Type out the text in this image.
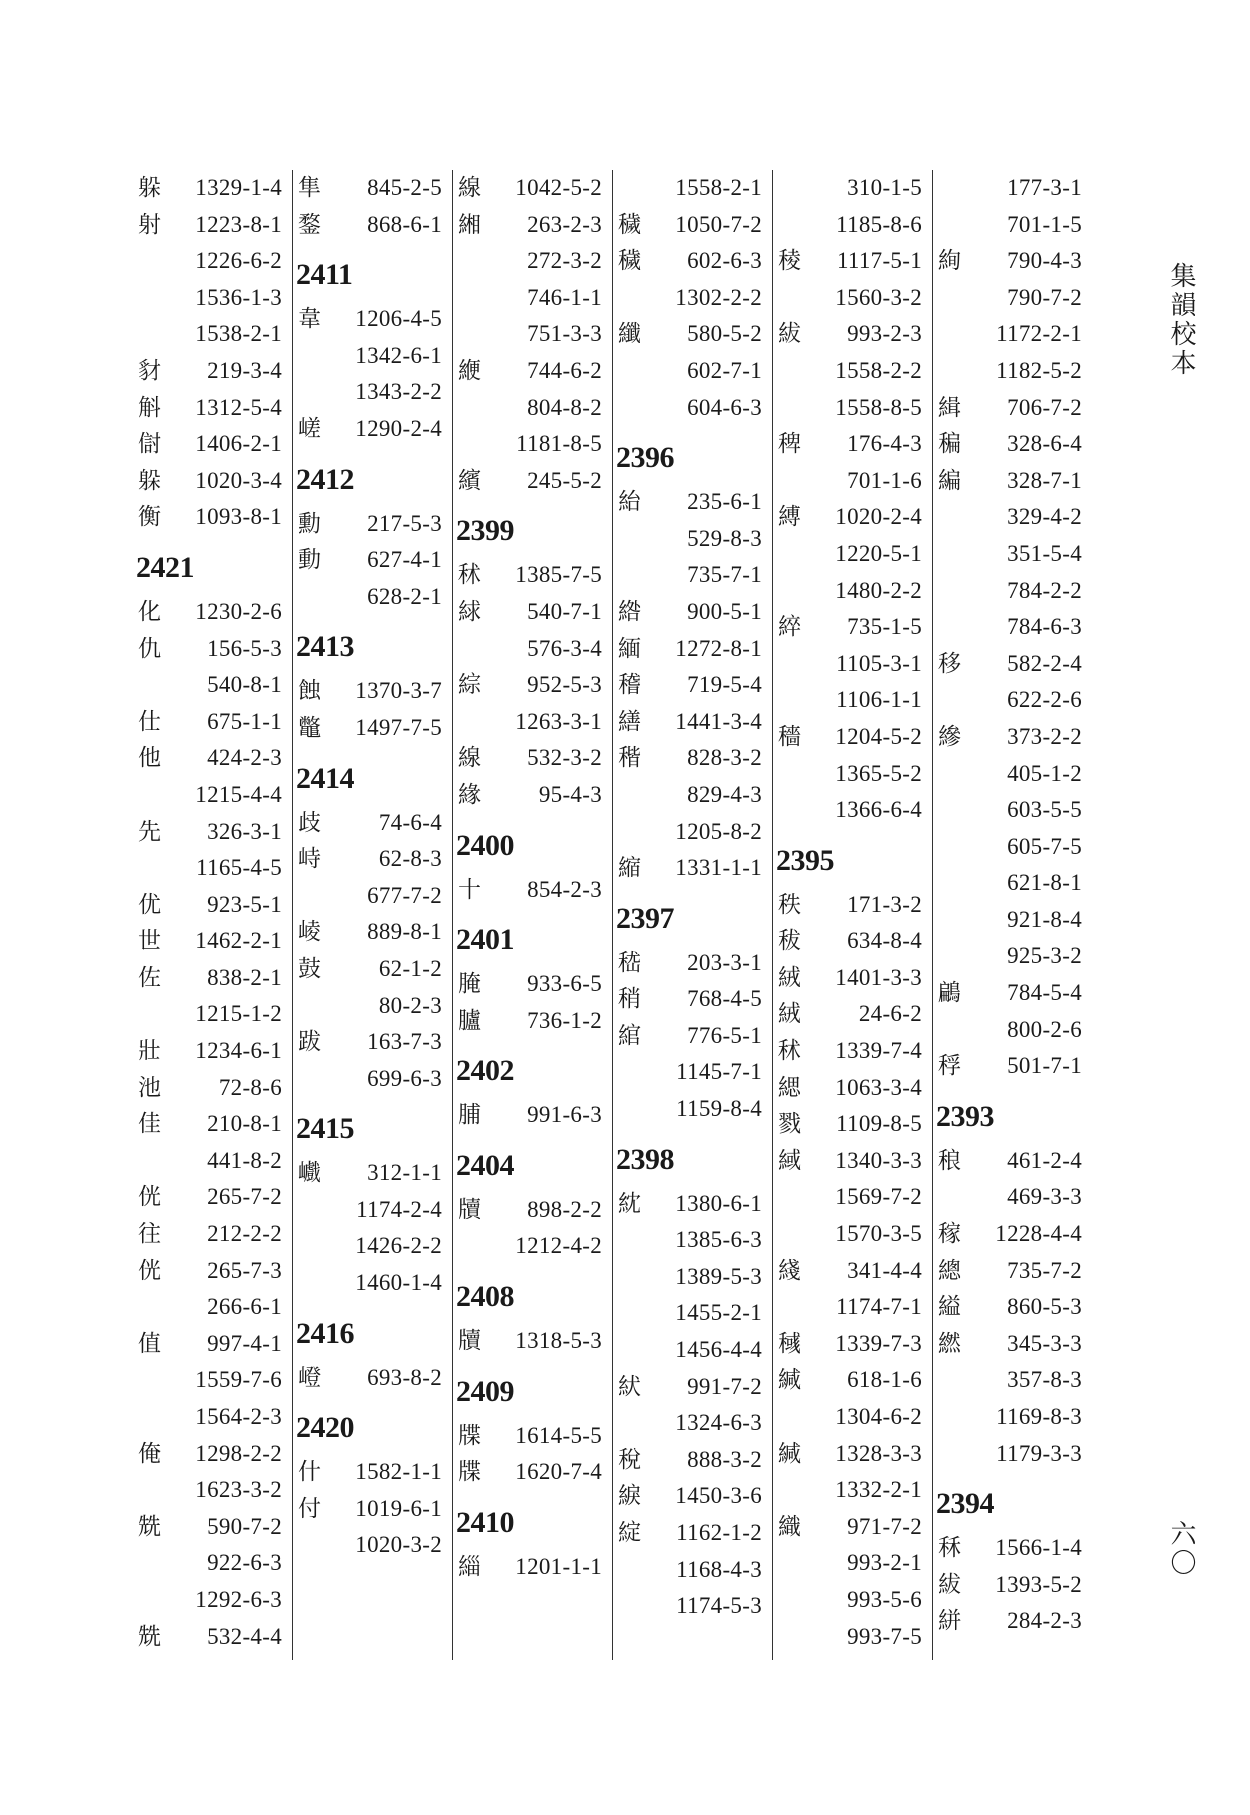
躲 1329-1-4
射 1223-8-1
1226-6-2
1536-1-3
1538-2-1
豺 219-3-4
斛 1312-5-4
傠 1406-2-1
躲 1020-3-4
衡 1093-8-1
2421
化 1230-2-6
仇 156-5-3
540-8-1
仕 675-1-1
他 424-2-3
1215-4-4
先 326-3-1
1165-4-5
优 923-5-1
世 1462-2-1
佐 838-2-1
1215-1-2
壯 1234-6-1
池	72-8-6
佳 210-8-1
441-8-2
侊 265-7-2
往 212-2-2
侊 265-7-3
266-6-1
值 997-4-1
1559-7-6
1564-2-3
俺 1298-2-2
1623-3-2
兟 590-7-2
922-6-3
1292-6-3
兟 532-4-4
隼 845-2-5
鍪 868-6-1
2411
韋 1206-4-5
1342-6-1
1343-2-2
嵯 1290-2-4
2412
勳 217-5-3
動 627-4-1
628-2-1
2413
蝕 1370-3-7
鼈 1497-7-5
2414
歧	74-6-4
峙	62-8-3
677-7-2
崚 889-8-1
鼓	62-1-2
80-2-3
跋 163-7-3
699-6-3
2415
巇 312-1-1
1174-2-4
1426-2-2
1460-1-4
2416
嶝 693-8-2
2420
什 1582-1-1
付 1019-6-1
1020-3-2
線 1042-5-2
緗 263-2-3
272-3-2
746-1-1
751-3-3
緶 744-6-2
804-8-2
1181-8-5
繽 245-5-2
2399
秫 1385-7-5
絿 540-7-1
576-3-4
綜 952-5-3
1263-3-1
線 532-3-2
緣	95-4-3
2400
十 854-2-3
2401
腌 933-6-5
臚 736-1-2
2402
脯 991-6-3
2404
牘 898-2-2
1212-4-2
2408
牘 1318-5-3
2409
牒 1614-5-5
牒 1620-7-4
2410
緇 1201-1-1
1558-2-1
穢 1050-7-2
穢 602-6-3
1302-2-2
纖 580-5-2
602-7-1
604-6-3
2396
紿 235-6-1
529-8-3
735-7-1
綹 900-5-1
緬 1272-8-1
稽 719-5-4
繕 1441-3-4
稭 828-3-2
829-4-3
1205-8-2
縮 1331-1-1
2397
嵇 203-3-1
稍 768-4-5
綰 776-5-1
1145-7-1
1159-8-4
2398
紞 1380-6-1
1385-6-3
1389-5-3
1455-2-1
1456-4-4
紎 991-7-2
1324-6-3
稅 888-3-2
綟 1450-3-6
綻 1162-1-2
1168-4-3
1174-5-3
310-1-5
1185-8-6
稜 1117-5-1
1560-3-2
紱 993-2-3
1558-2-2
1558-8-5
稗 176-4-3
701-1-6
縛 1020-2-4
1220-5-1
1480-2-2
綷 735-1-5
1105-3-1
1106-1-1
穡 1204-5-2
1365-5-2
1366-6-4
2395
秩 171-3-2
秡 634-8-4
絨 1401-3-3
絨	24-6-2
秫 1339-7-4
緦 1063-3-4
戮 1109-8-5
緎 1340-3-3
1569-7-2
1570-3-5
綫 341-4-4
1174-7-1
稶 1339-7-3
緘 618-1-6
1304-6-2
緘 1328-3-3
1332-2-1
織 971-7-2
993-2-1
993-5-6
993-7-5
177-3-1
701-1-5
絢 790-4-3
790-7-2
1172-2-1
1182-5-2
緝 706-7-2
稨 328-6-4
編 328-7-1
329-4-2
351-5-4
784-2-2
784-6-3
移 582-2-4
622-2-6
縿 373-2-2
405-1-2
603-5-5
605-7-5
621-8-1
921-8-4
925-3-2
鶣 784-5-4
800-2-6
稃 501-7-1
2393
稂 461-2-4
469-3-3
稼 1228-4-4
總 735-7-2
縊 860-5-3
繎 345-3-3
357-8-3
1169-8-3
1179-3-3
2394
秝 1566-1-4
紱 1393-5-2
絣 284-2-3
集韻校本
六〇
